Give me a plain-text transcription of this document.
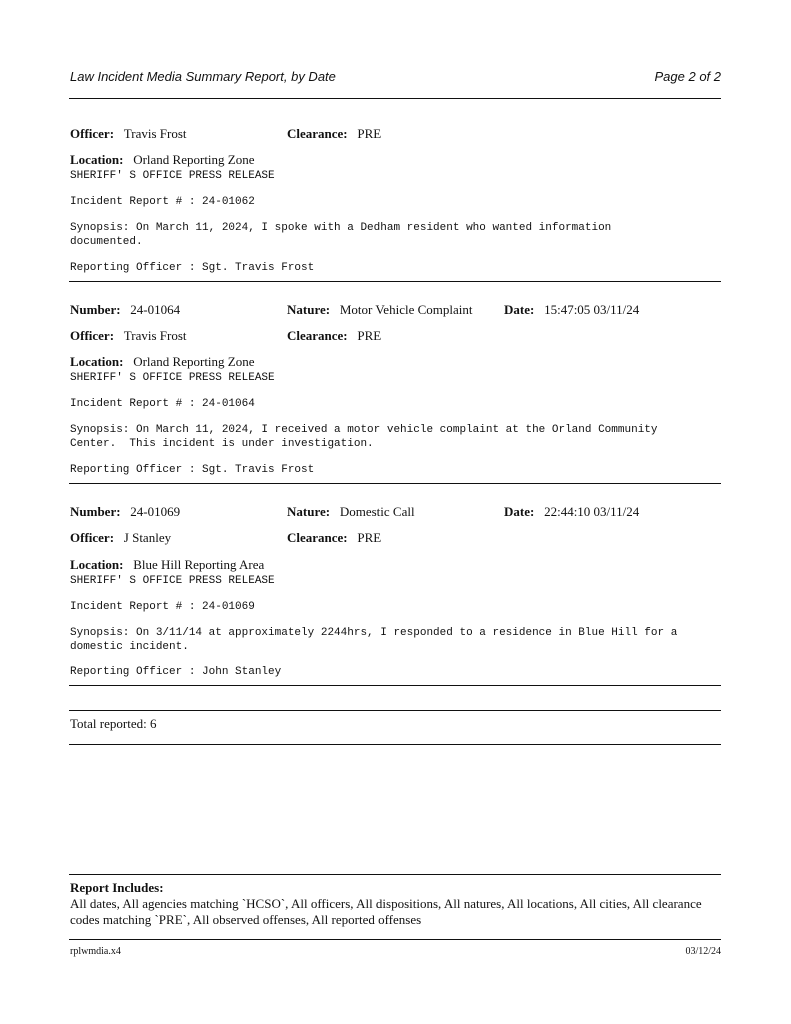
Law Incident Media Summary Report, by Date	Page 2 of 2
Officer: Travis Frost	Clearance: PRE
Location: Orland Reporting Zone
SHERIFF' S OFFICE PRESS RELEASE
Incident Report # : 24-01062
Synopsis: On March 11, 2024, I spoke with a Dedham resident who wanted information
documented.
Reporting Officer : Sgt. Travis Frost
Number: 24-01064	Nature: Motor Vehicle Complaint Date: 15:47:05 03/11/24
Officer: Travis Frost	Clearance: PRE
Location: Orland Reporting Zone
SHERIFF' S OFFICE PRESS RELEASE
Incident Report # : 24-01064
Synopsis: On March 11, 2024, I received a motor vehicle complaint at the Orland Community
Center.  This incident is under investigation.
Reporting Officer : Sgt. Travis Frost
Number: 24-01069	Nature: Domestic Call	Date: 22:44:10 03/11/24
Officer: J Stanley	Clearance: PRE
Location: Blue Hill Reporting Area
SHERIFF' S OFFICE PRESS RELEASE
Incident Report # : 24-01069
Synopsis: On 3/11/14 at approximately 2244hrs, I responded to a residence in Blue Hill for a
domestic incident.
Reporting Officer : John Stanley
Total reported: 6
Report Includes:
All dates, All agencies matching `HCSO`, All officers, All dispositions, All natures, All locations, All cities, All clearance codes matching `PRE`, All observed offenses, All reported offenses
rplwmdia.x4	03/12/24
